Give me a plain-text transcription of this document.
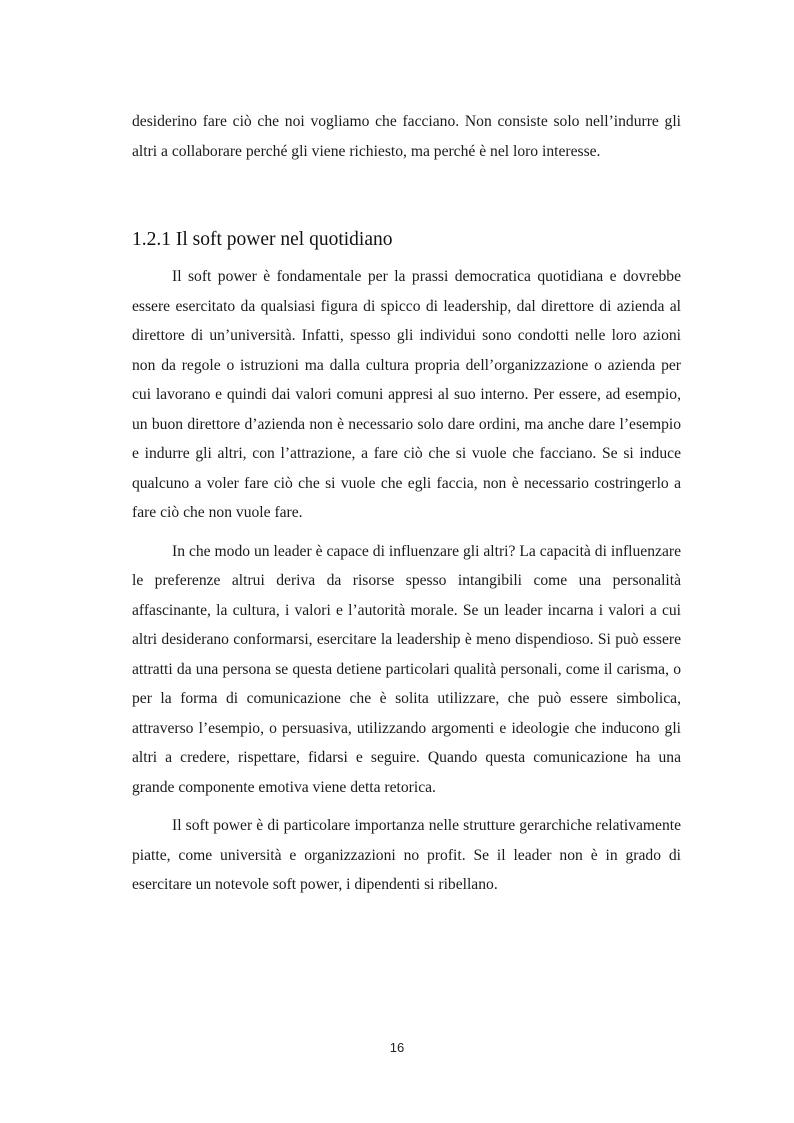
desiderino fare ciò che noi vogliamo che facciano. Non consiste solo nell’indurre gli altri a collaborare perché gli viene richiesto, ma perché è nel loro interesse.

1.2.1 Il soft power nel quotidiano

Il soft power è fondamentale per la prassi democratica quotidiana e dovrebbe essere esercitato da qualsiasi figura di spicco di leadership, dal direttore di azienda al direttore di un’università. Infatti, spesso gli individui sono condotti nelle loro azioni non da regole o istruzioni ma dalla cultura propria dell’organizzazione o azienda per cui lavorano e quindi dai valori comuni appresi al suo interno. Per essere, ad esempio, un buon direttore d’azienda non è necessario solo dare ordini, ma anche dare l’esempio e indurre gli altri, con l’attrazione, a fare ciò che si vuole che facciano. Se si induce qualcuno a voler fare ciò che si vuole che egli faccia, non è necessario costringerlo a fare ciò che non vuole fare.

In che modo un leader è capace di influenzare gli altri? La capacità di influenzare le preferenze altrui deriva da risorse spesso intangibili come una personalità affascinante, la cultura, i valori e l’autorità morale. Se un leader incarna i valori a cui altri desiderano conformarsi, esercitare la leadership è meno dispendioso. Si può essere attratti da una persona se questa detiene particolari qualità personali, come il carisma, o per la forma di comunicazione che è solita utilizzare, che può essere simbolica, attraverso l’esempio, o persuasiva, utilizzando argomenti e ideologie che inducono gli altri a credere, rispettare, fidarsi e seguire. Quando questa comunicazione ha una grande componente emotiva viene detta retorica.

Il soft power è di particolare importanza nelle strutture gerarchiche relativamente piatte, come università e organizzazioni no profit. Se il leader non è in grado di esercitare un notevole soft power, i dipendenti si ribellano.

16
